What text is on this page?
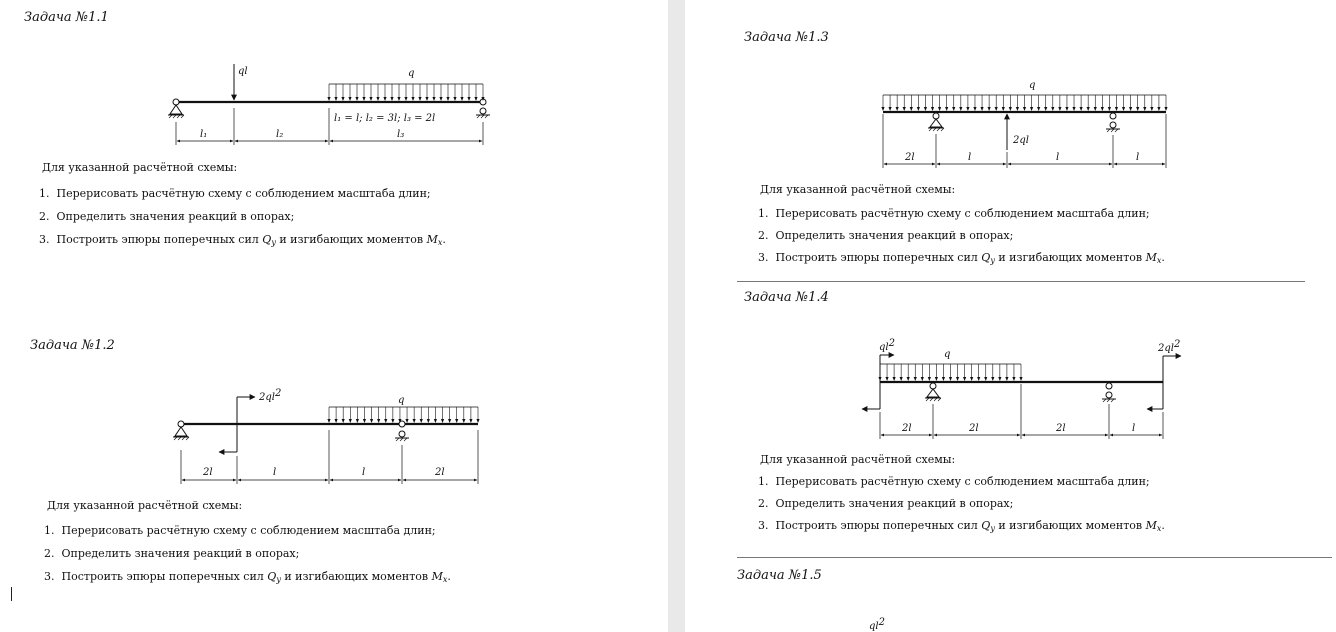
Задача №1.1
ql	q
l₁ = l; l₂ = 3l; l₃ = 2l
l₁	l₂	l₃
Для указанной расчётной схемы:
1. Перерисовать расчётную схему с соблюдением масштаба длин;
2. Определить значения реакций в опорах;
3. Построить эпюры поперечных сил $Q_y$ и изгибающих моментов $M_x$.
Задача №1.2
2ql2
q
2l	l	l	2l
Для указанной расчётной схемы:
1. Перерисовать расчётную схему с соблюдением масштаба длин;
2. Определить значения реакций в опорах;
3. Построить эпюры поперечных сил $Q_y$ и изгибающих моментов $M_x$.
Задача №1.3
q
2ql
2l	l	l	l
Для указанной расчётной схемы:
1. Перерисовать расчётную схему с соблюдением масштаба длин;
2. Определить значения реакций в опорах;
3. Построить эпюры поперечных сил $Q_y$ и изгибающих моментов $M_x$.
Задача №1.4
q
ql2	2ql2
2l	2l	2l	l
Для указанной расчётной схемы:
1. Перерисовать расчётную схему с соблюдением масштаба длин;
2. Определить значения реакций в опорах;
3. Построить эпюры поперечных сил $Q_y$ и изгибающих моментов $M_x$.
Задача №1.5
ql2
